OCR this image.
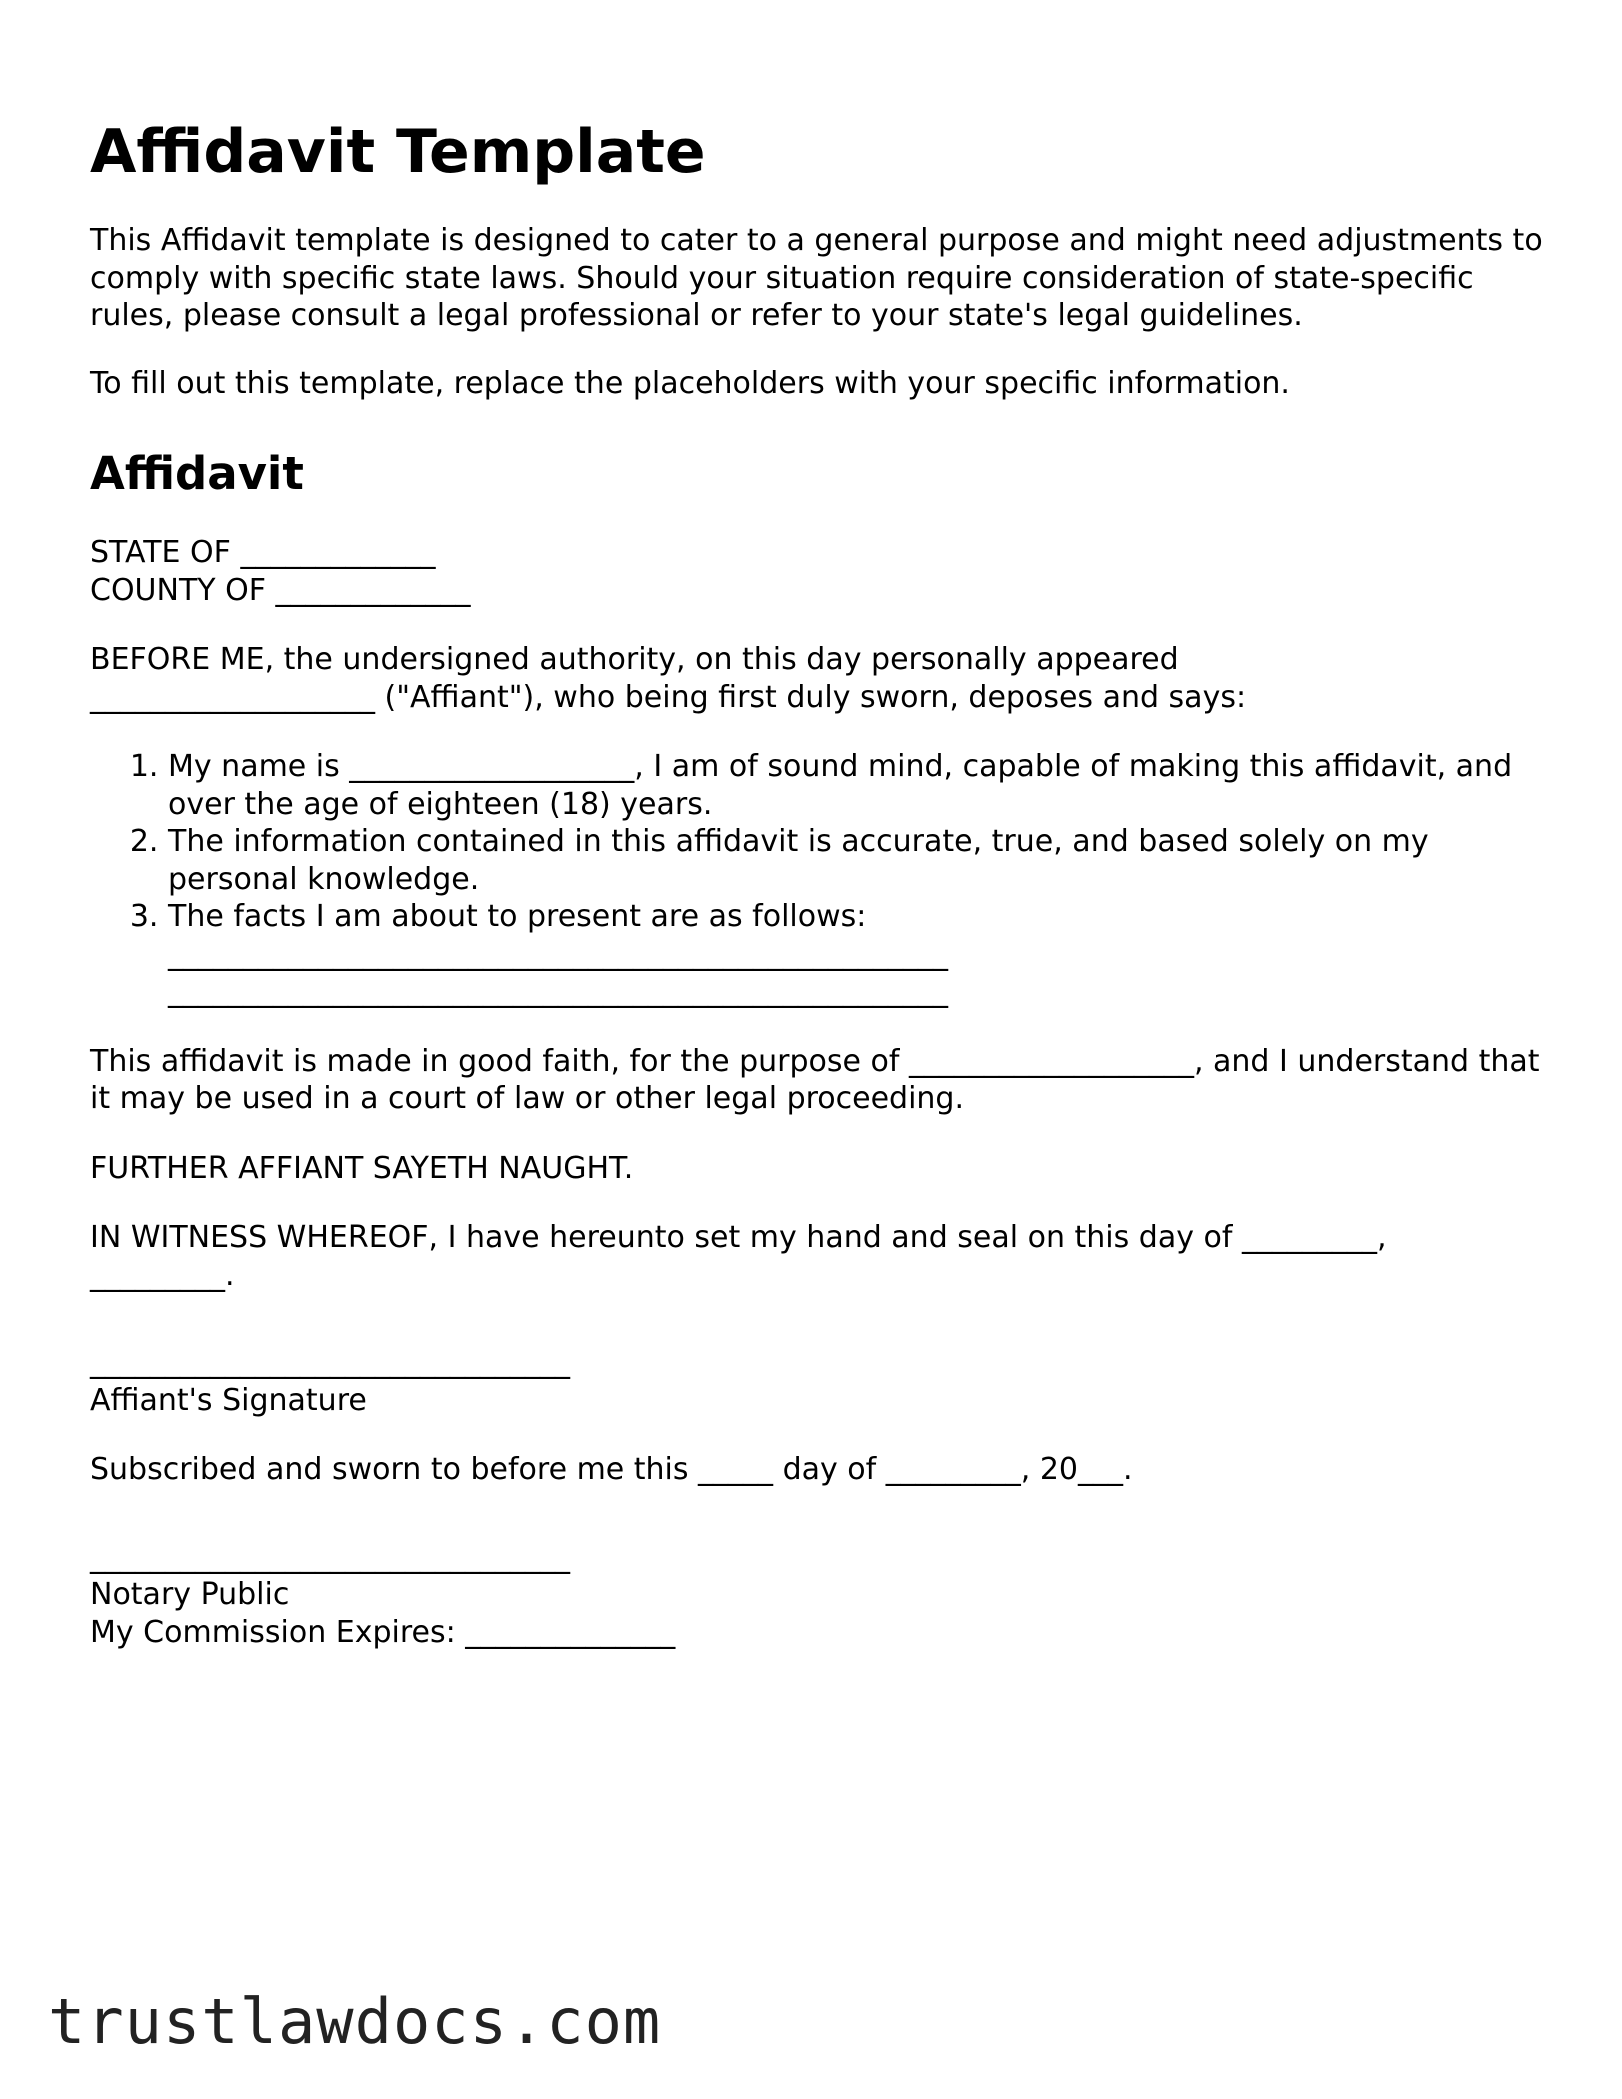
Affidavit Template

This Affidavit template is designed to cater to a general purpose and might need adjustments to comply with specific state laws. Should your situation require consideration of state-specific rules, please consult a legal professional or refer to your state's legal guidelines.

To fill out this template, replace the placeholders with your specific information.

Affidavit

STATE OF _____________
COUNTY OF _____________

BEFORE ME, the undersigned authority, on this day personally appeared
___________________ ("Affiant"), who being first duly sworn, deposes and says:

1. My name is ___________________, I am of sound mind, capable of making this affidavit, and over the age of eighteen (18) years.
2. The information contained in this affidavit is accurate, true, and based solely on my personal knowledge.
3. The facts I am about to present are as follows:
____________________________________________________
____________________________________________________

This affidavit is made in good faith, for the purpose of ___________________, and I understand that it may be used in a court of law or other legal proceeding.

FURTHER AFFIANT SAYETH NAUGHT.

IN WITNESS WHEREOF, I have hereunto set my hand and seal on this day of _________,
_________.

________________________________
Affiant's Signature

Subscribed and sworn to before me this _____ day of _________, 20___.

________________________________
Notary Public
My Commission Expires: ______________

trustlawdocs.com
